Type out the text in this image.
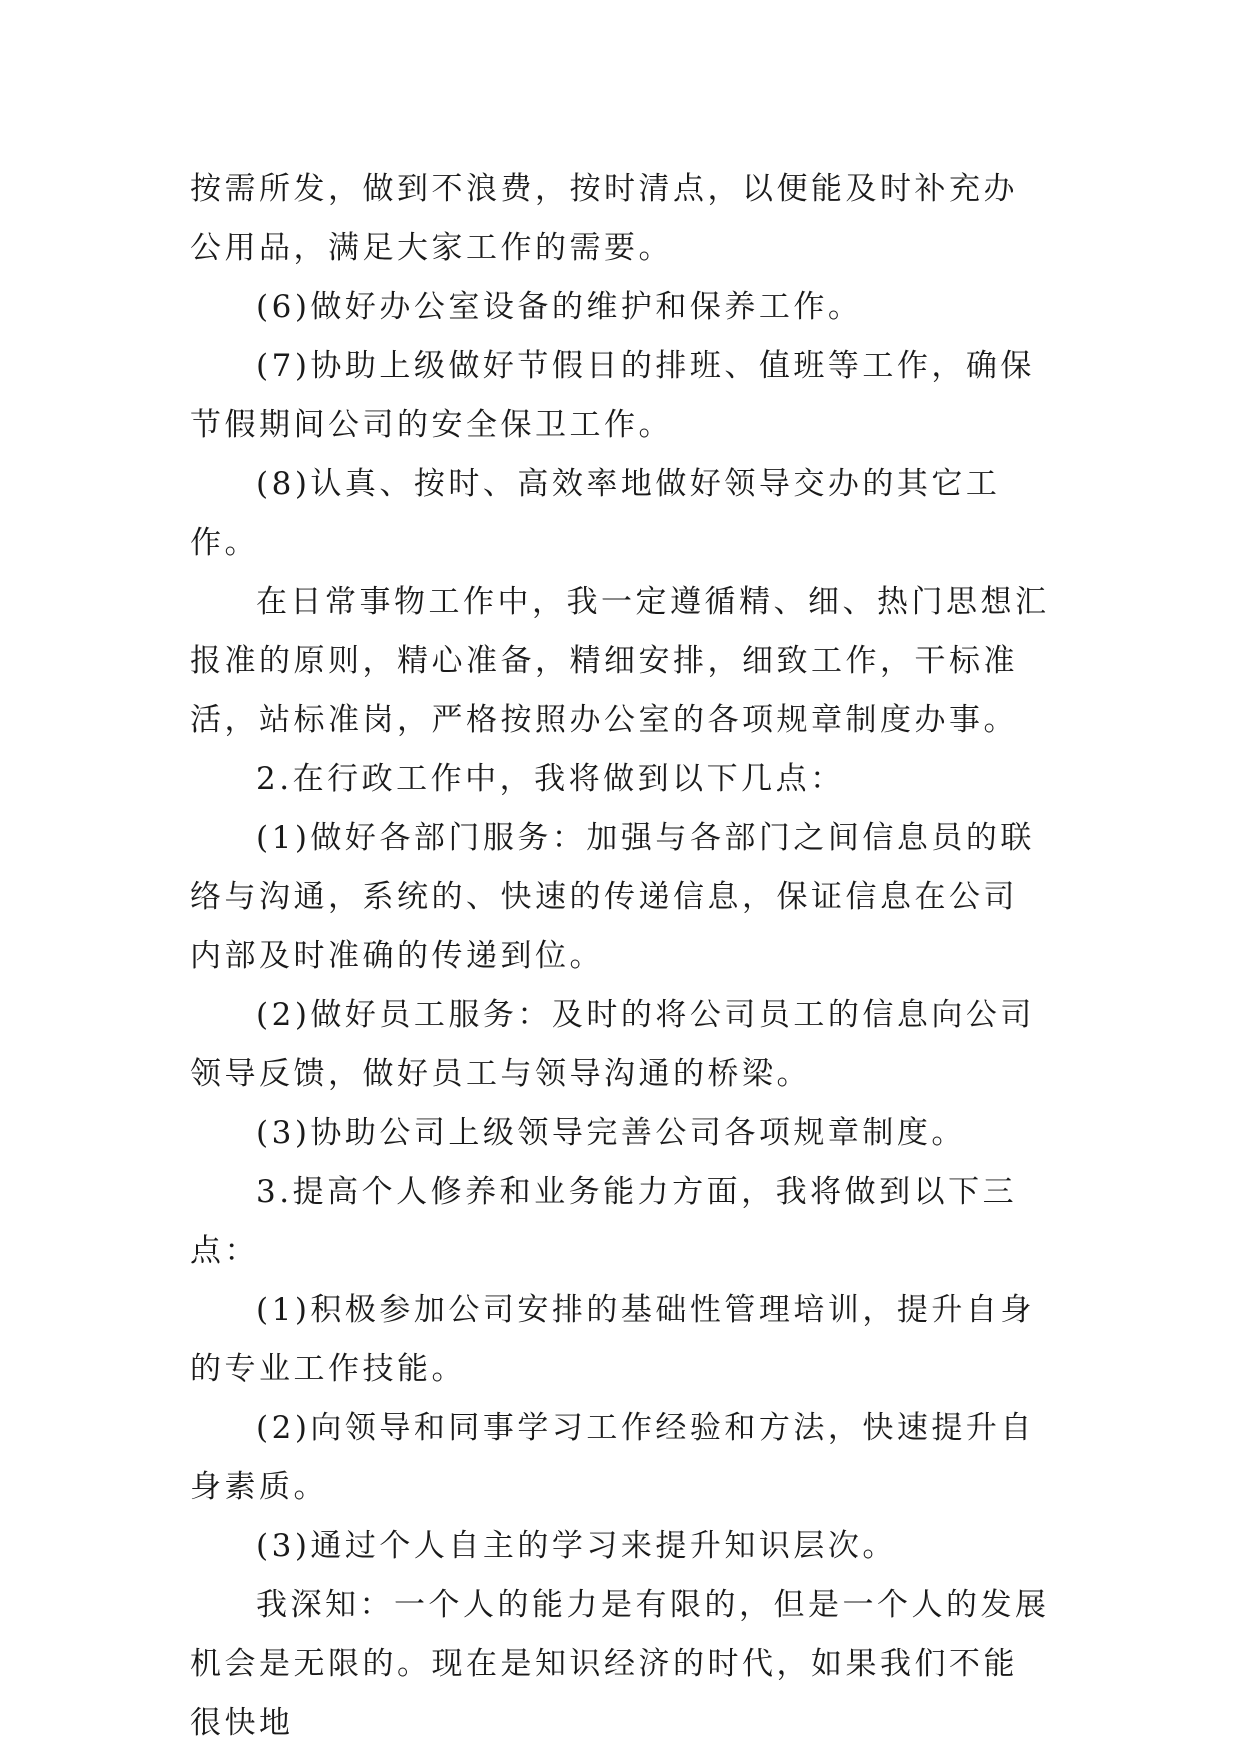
按需所发，做到不浪费，按时清点，以便能及时补充办公用品，满足大家工作的需要。

(6)做好办公室设备的维护和保养工作。

(7)协助上级做好节假日的排班、值班等工作，确保节假期间公司的安全保卫工作。

(8)认真、按时、高效率地做好领导交办的其它工作。

在日常事物工作中，我一定遵循精、细、热门思想汇报准的原则，精心准备，精细安排，细致工作，干标准活，站标准岗，严格按照办公室的各项规章制度办事。

2.在行政工作中，我将做到以下几点：

(1)做好各部门服务：加强与各部门之间信息员的联络与沟通，系统的、快速的传递信息，保证信息在公司内部及时准确的传递到位。

(2)做好员工服务：及时的将公司员工的信息向公司领导反馈，做好员工与领导沟通的桥梁。

(3)协助公司上级领导完善公司各项规章制度。

3.提高个人修养和业务能力方面，我将做到以下三点：

(1)积极参加公司安排的基础性管理培训，提升自身的专业工作技能。

(2)向领导和同事学习工作经验和方法，快速提升自身素质。

(3)通过个人自主的学习来提升知识层次。

我深知：一个人的能力是有限的，但是一个人的发展机会是无限的。现在是知识经济的时代，如果我们不能很快地
